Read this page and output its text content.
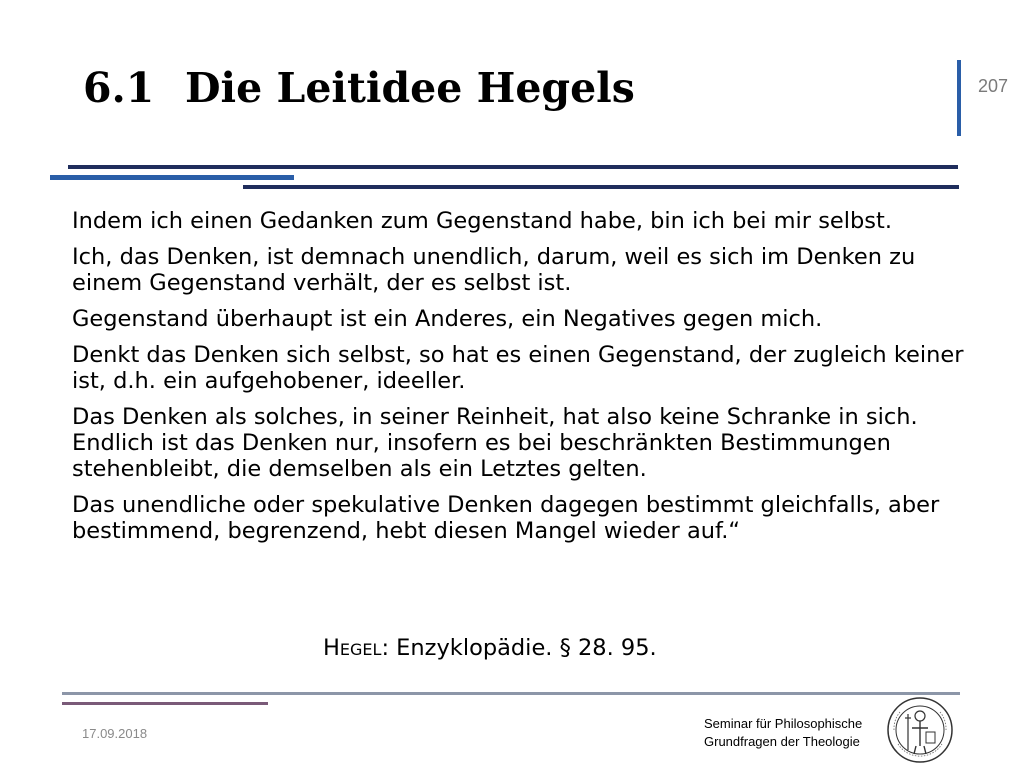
6.1 Die Leitidee Hegels	207

Indem ich einen Gedanken zum Gegenstand habe, bin ich bei mir selbst.

Ich, das Denken, ist demnach unendlich, darum, weil es sich im Denken zu einem Gegenstand verhält, der es selbst ist.

Gegenstand überhaupt ist ein Anderes, ein Negatives gegen mich.

Denkt das Denken sich selbst, so hat es einen Gegenstand, der zugleich keiner ist, d.h. ein aufgehobener, ideeller.

Das Denken als solches, in seiner Reinheit, hat also keine Schranke in sich. Endlich ist das Denken nur, insofern es bei beschränkten Bestimmungen stehenbleibt, die demselben als ein Letztes gelten.

Das unendliche oder spekulative Denken dagegen bestimmt gleichfalls, aber bestimmend, begrenzend, hebt diesen Mangel wieder auf.“

Hegel: Enzyklopädie. § 28. 95.
17.09.2018
Seminar für Philosophische
Grundfragen der Theologie
